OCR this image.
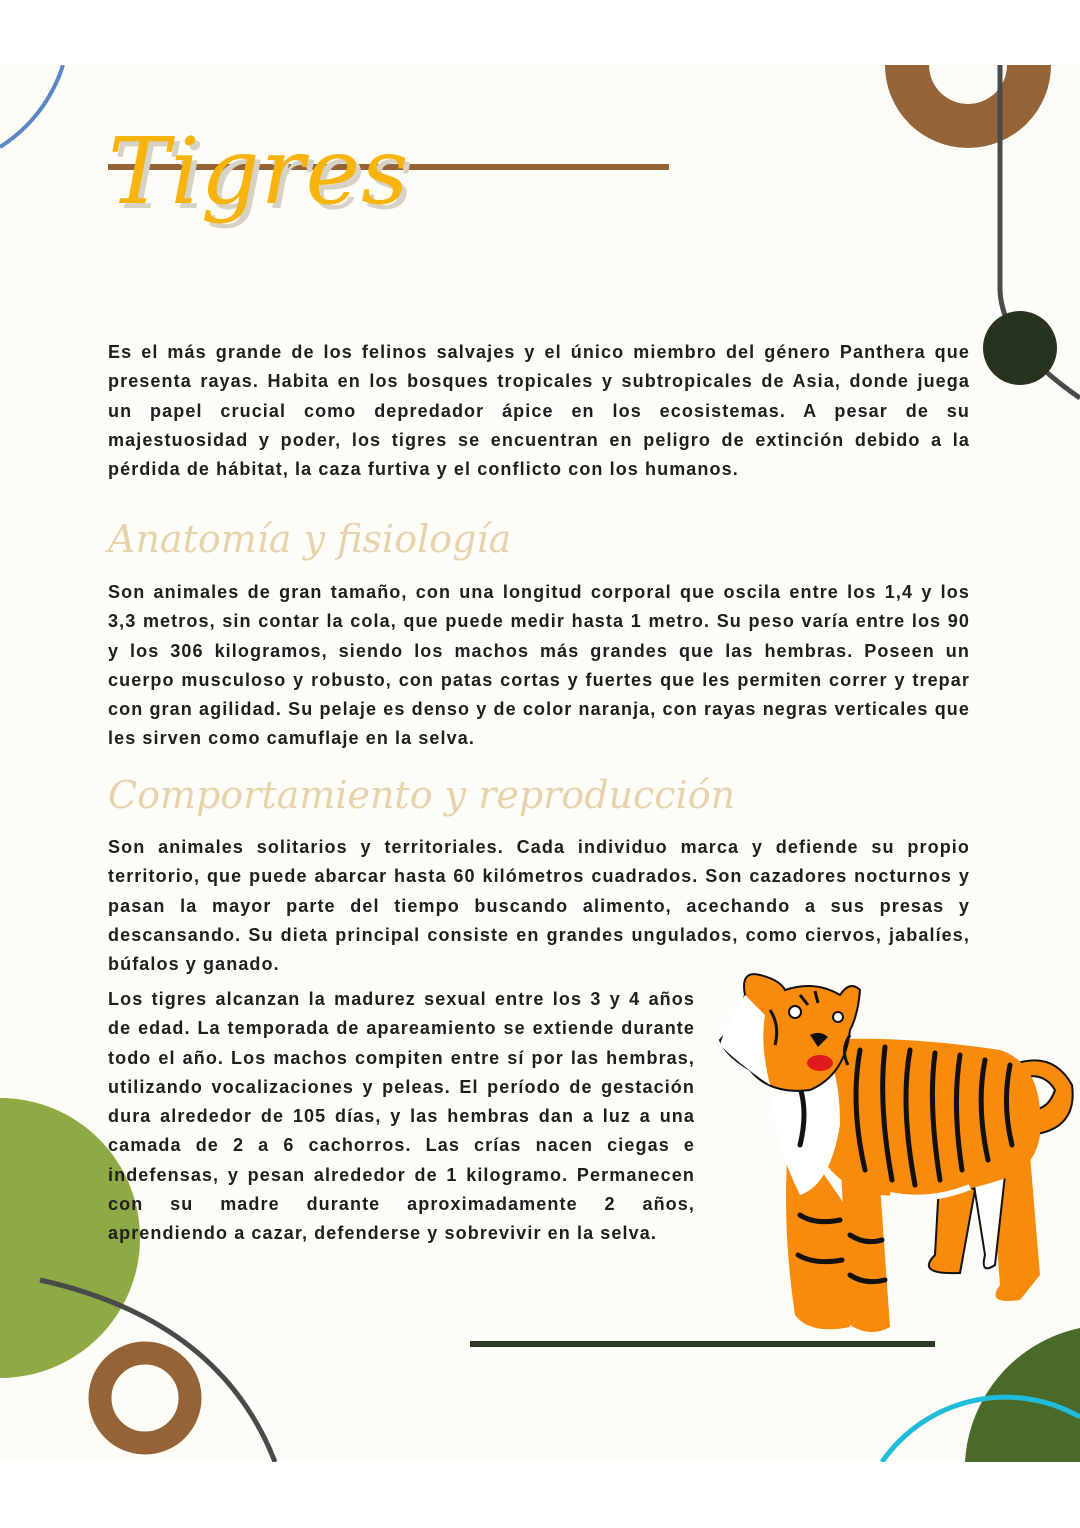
Tigres

Es el más grande de los felinos salvajes y el único miembro del género Panthera que presenta rayas. Habita en los bosques tropicales y subtropicales de Asia, donde juega un papel crucial como depredador ápice en los ecosistemas. A pesar de su majestuosidad y poder, los tigres se encuentran en peligro de extinción debido a la pérdida de hábitat, la caza furtiva y el conflicto con los humanos.

Anatomía y fisiología

Son animales de gran tamaño, con una longitud corporal que oscila entre los 1,4 y los 3,3 metros, sin contar la cola, que puede medir hasta 1 metro. Su peso varía entre los 90 y los 306 kilogramos, siendo los machos más grandes que las hembras. Poseen un cuerpo musculoso y robusto, con patas cortas y fuertes que les permiten correr y trepar con gran agilidad. Su pelaje es denso y de color naranja, con rayas negras verticales que les sirven como camuflaje en la selva.

Comportamiento y reproducción

Son animales solitarios y territoriales. Cada individuo marca y defiende su propio territorio, que puede abarcar hasta 60 kilómetros cuadrados. Son cazadores nocturnos y pasan la mayor parte del tiempo buscando alimento, acechando a sus presas y descansando. Su dieta principal consiste en grandes ungulados, como ciervos, jabalíes, búfalos y ganado.

Los tigres alcanzan la madurez sexual entre los 3 y 4 años de edad. La temporada de apareamiento se extiende durante todo el año. Los machos compiten entre sí por las hembras, utilizando vocalizaciones y peleas. El período de gestación dura alrededor de 105 días, y las hembras dan a luz a una camada de 2 a 6 cachorros. Las crías nacen ciegas e indefensas, y pesan alrededor de 1 kilogramo. Permanecen con su madre durante aproximadamente 2 años, aprendiendo a cazar, defenderse y sobrevivir en la selva.
